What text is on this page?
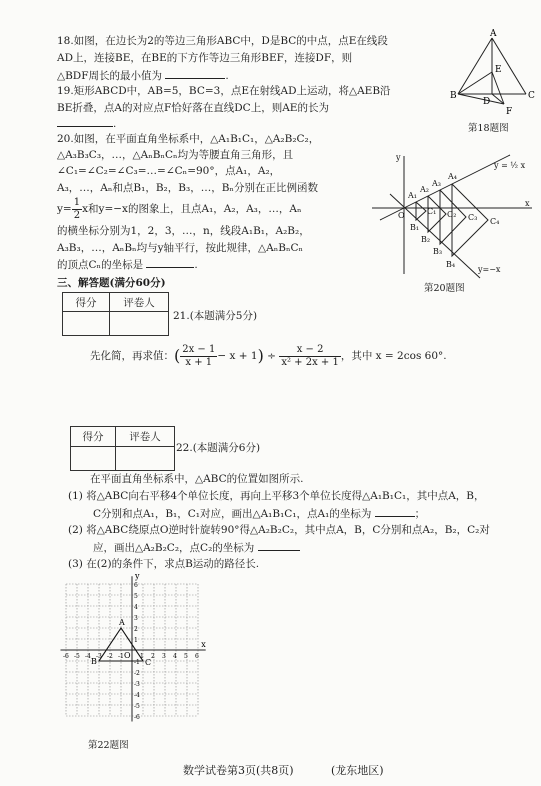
18.如图，在边长为2的等边三角形ABC中，D是BC的中点，点E在线段
AD上，连接BE，在BE的下方作等边三角形BEF，连接DF，则
△BDF周长的最小值为	.
A
B	C
D
E
F
第18题图
19.矩形ABCD中，AB=5，BC=3，点E在射线AD上运动，将△AEB沿
BE折叠，点A的对应点F恰好落在直线DC上，则AE的长为
.
20.如图，在平面直角坐标系中，△A₁B₁C₁，△A₂B₂C₂，
△A₃B₃C₃，…，△AₙBₙCₙ均为等腰直角三角形，且
∠C₁=∠C₂=∠C₃=…=∠Cₙ=90°，点A₁，A₂，
A₃，…，Aₙ和点B₁，B₂，B₃，…，Bₙ分别在正比例函数
$y= \frac{1}{2}$ x和y=−x的图象上，且点A₁，A₂，A₃，…，Aₙ
的横坐标分别为1，2，3，…，n，线段A₁B₁，A₂B₂，
A₃B₃，…，AₙBₙ均与y轴平行，按此规律，△AₙBₙCₙ
的顶点Cₙ的坐标是	.
y
x
O
y = ½ x
y=−x
A₁
A₂
A₃
A₄
B₁
B₂
B₃
B₄
C₁ C₂ C₃ C₄
第20题图
三、解答题(满分60分)
得分	评卷人

21.(本题满分5分)
先化简，再求值：( $\frac{2x - 1}{x + 1} - x + 1) \div \frac{x - 2}{\text{x² + 2x + 1}}$ ，其中 x = 2cos 60°.
得分	评卷人

22.(本题满分6分)
在平面直角坐标系中，△ABC的位置如图所示.
(1) 将△ABC向右平移4个单位长度，再向上平移3个单位长度得△A₁B₁C₁，其中点A，B，
C分别和点A₁，B₁，C₁对应，画出△A₁B₁C₁，点A₁的坐标为	；
(2) 将△ABC绕原点O逆时针旋转90°得△A₂B₂C₂，其中点A，B，C分别和点A₂，B₂，C₂对
应，画出△A₂B₂C₂，点C₂的坐标为
(3) 在(2)的条件下，求点B运动的路径长.
-6 -5 -4 -3 -2 -1	1 2 3 4 5 6
6
5
4
3
2
1
-1
-2
-3
-4
-5
-6
A
B	C
O
y
x
第22题图
数学试卷第3页(共8页)	(龙东地区)
